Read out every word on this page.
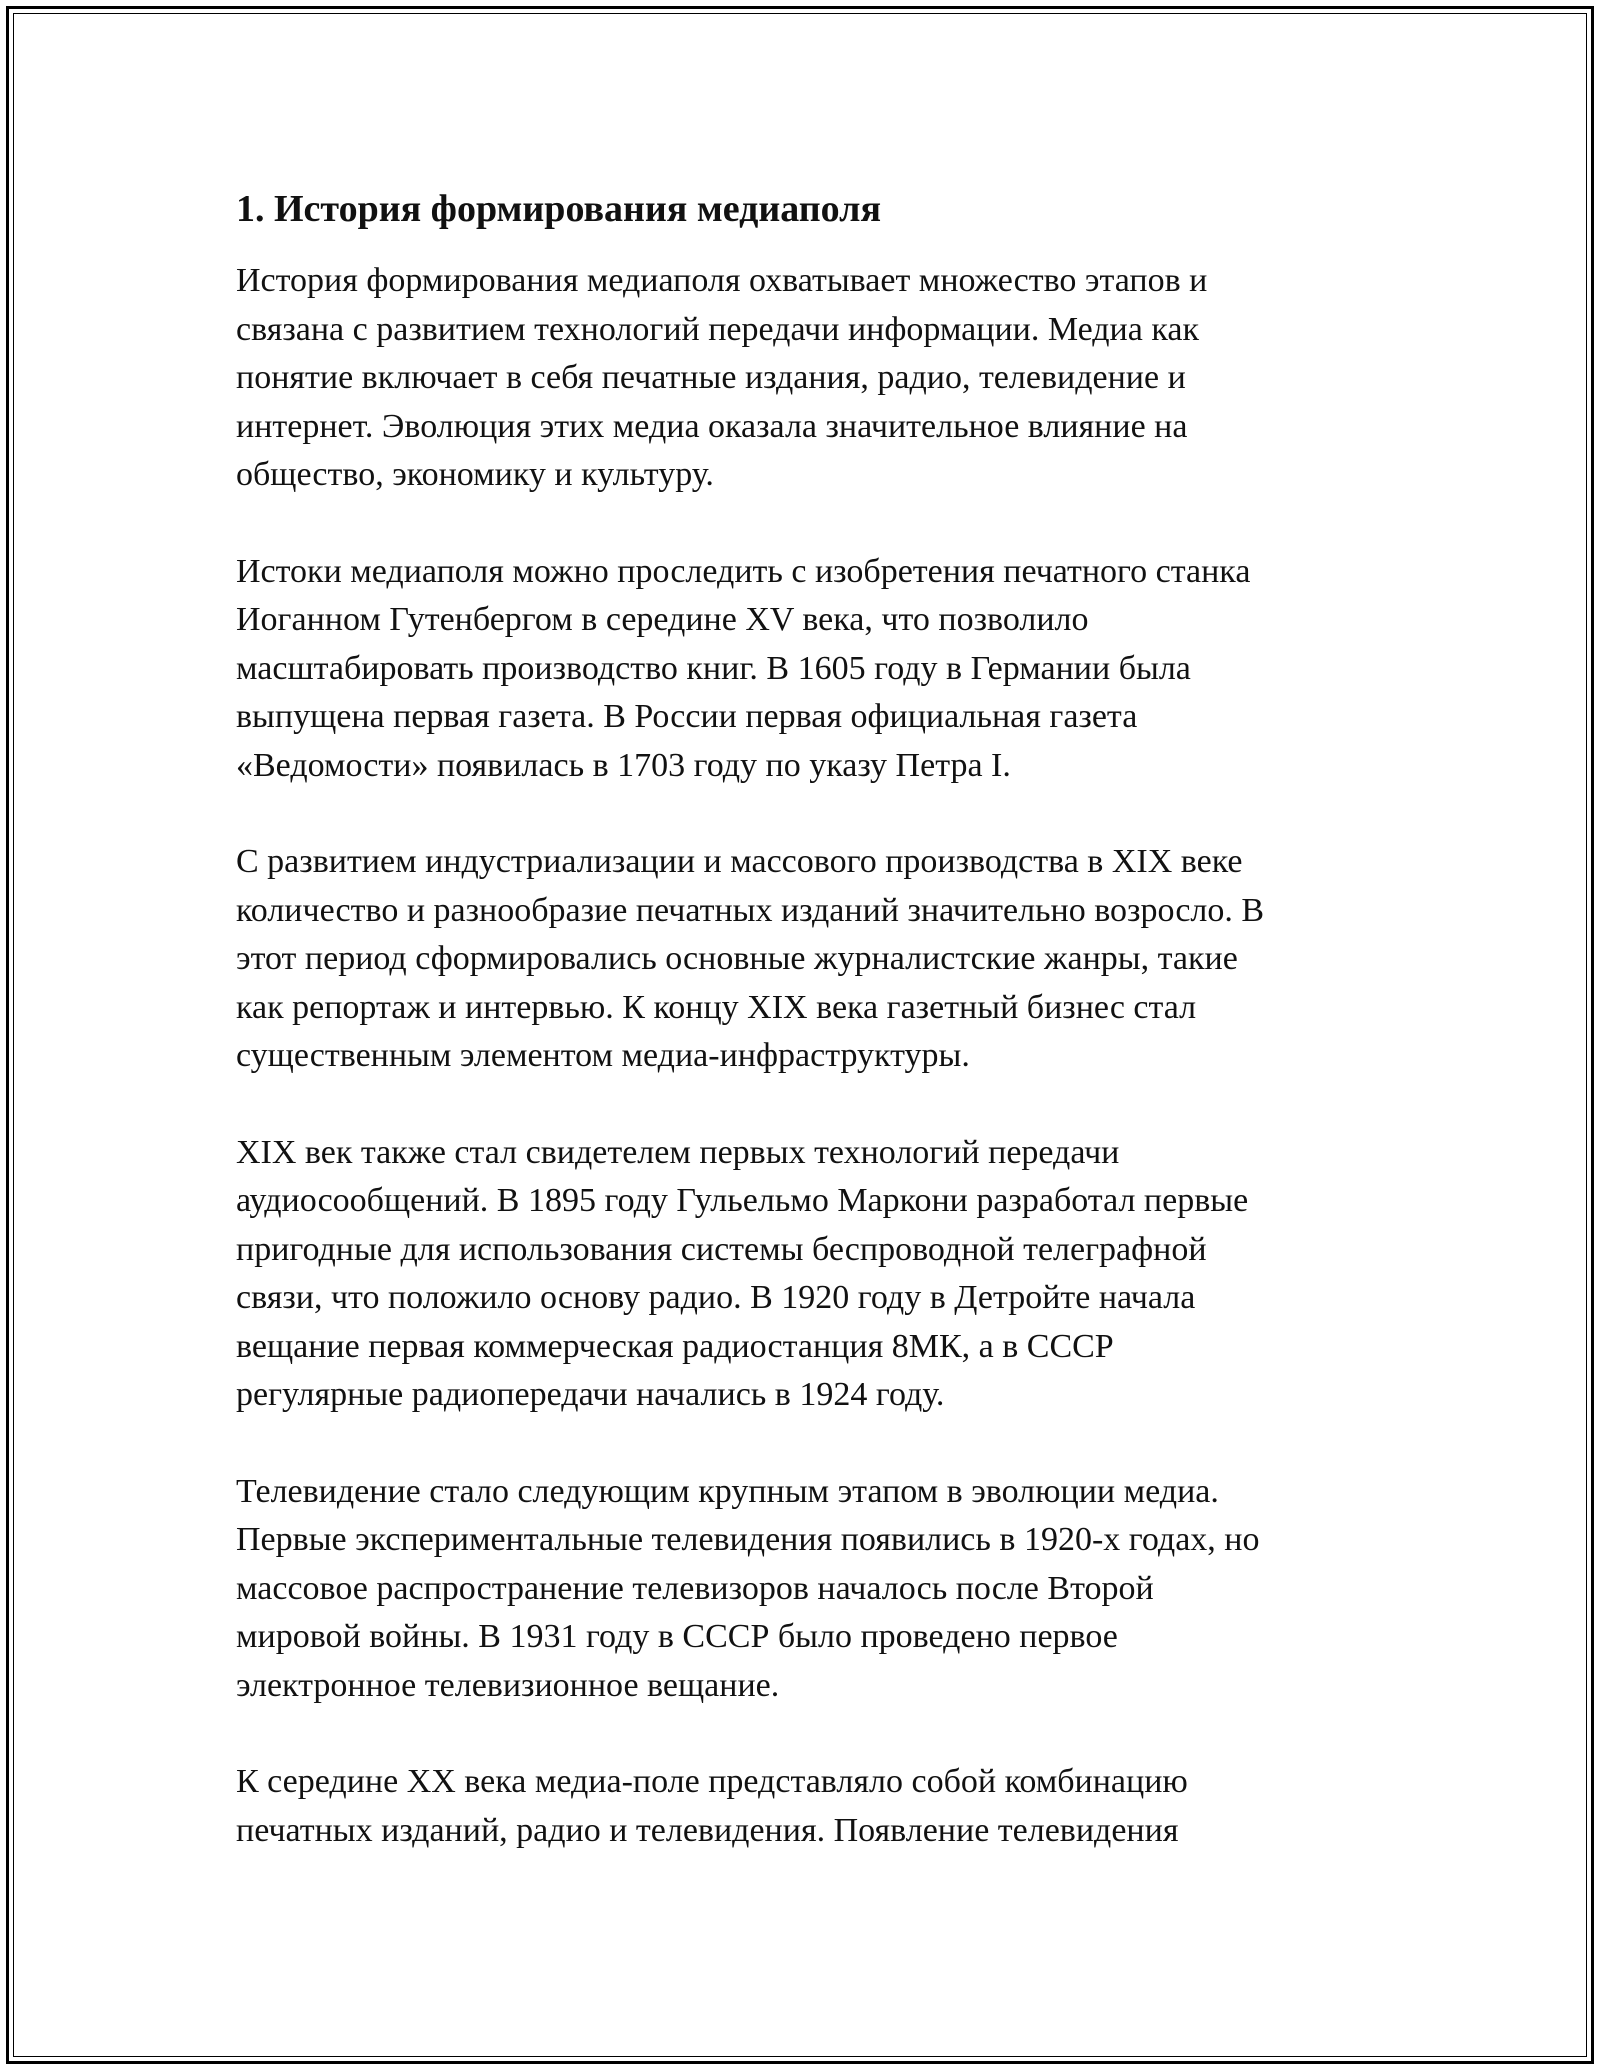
1. История формирования медиаполя
История формирования медиаполя охватывает множество этапов и
связана с развитием технологий передачи информации. Медиа как
понятие включает в себя печатные издания, радио, телевидение и
интернет. Эволюция этих медиа оказала значительное влияние на
общество, экономику и культуру.
Истоки медиаполя можно проследить с изобретения печатного станка
Иоганном Гутенбергом в середине XV века, что позволило
масштабировать производство книг. В 1605 году в Германии была
выпущена первая газета. В России первая официальная газета
«Ведомости» появилась в 1703 году по указу Петра I.
С развитием индустриализации и массового производства в XIX веке
количество и разнообразие печатных изданий значительно возросло. В
этот период сформировались основные журналистские жанры, такие
как репортаж и интервью. К концу XIX века газетный бизнес стал
существенным элементом медиа-инфраструктуры.
XIX век также стал свидетелем первых технологий передачи
аудиосообщений. В 1895 году Гульельмо Маркони разработал первые
пригодные для использования системы беспроводной телеграфной
связи, что положило основу радио. В 1920 году в Детройте начала
вещание первая коммерческая радиостанция 8МК, а в СССР
регулярные радиопередачи начались в 1924 году.
Телевидение стало следующим крупным этапом в эволюции медиа.
Первые экспериментальные телевидения появились в 1920-х годах, но
массовое распространение телевизоров началось после Второй
мировой войны. В 1931 году в СССР было проведено первое
электронное телевизионное вещание.
К середине XX века медиа-поле представляло собой комбинацию
печатных изданий, радио и телевидения. Появление телевидения
